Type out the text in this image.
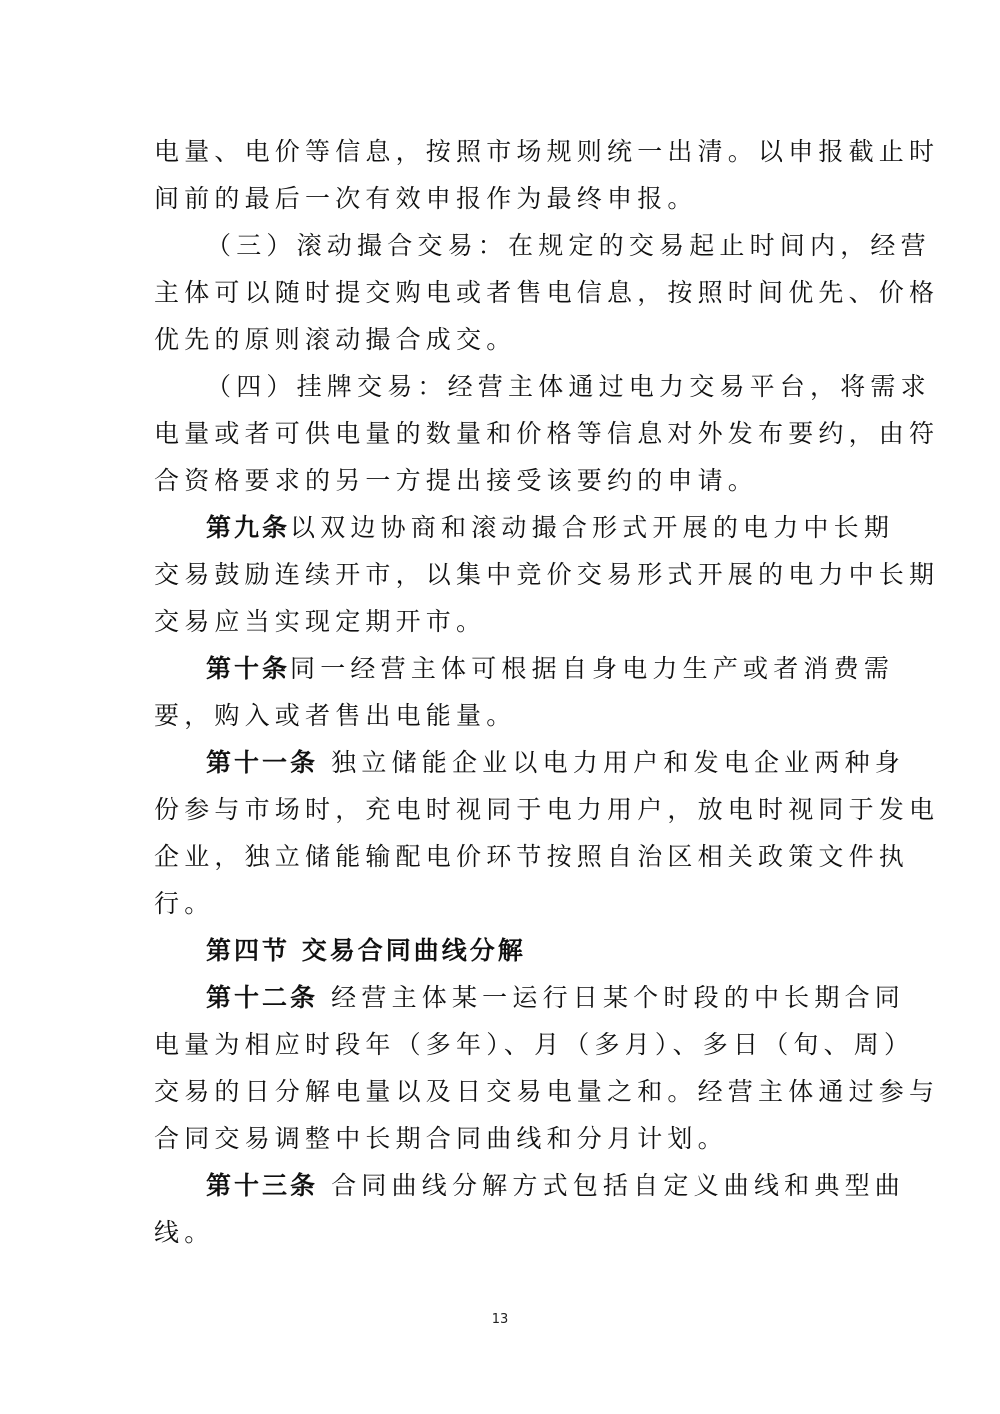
电量、电价等信息，按照市场规则统一出清。以申报截止时
间前的最后一次有效申报作为最终申报。
（三）滚动撮合交易：在规定的交易起止时间内，经营
主体可以随时提交购电或者售电信息，按照时间优先、价格
优先的原则滚动撮合成交。
（四）挂牌交易：经营主体通过电力交易平台，将需求
电量或者可供电量的数量和价格等信息对外发布要约，由符
合资格要求的另一方提出接受该要约的申请。
第九条以双边协商和滚动撮合形式开展的电力中长期
交易鼓励连续开市，以集中竞价交易形式开展的电力中长期
交易应当实现定期开市。
第十条同一经营主体可根据自身电力生产或者消费需
要，购入或者售出电能量。
第十一条 独立储能企业以电力用户和发电企业两种身
份参与市场时，充电时视同于电力用户，放电时视同于发电
企业，独立储能输配电价环节按照自治区相关政策文件执
行。
第四节 交易合同曲线分解
第十二条 经营主体某一运行日某个时段的中长期合同
电量为相应时段年（多年）、月（多月）、多日（旬、周）
交易的日分解电量以及日交易电量之和。经营主体通过参与
合同交易调整中长期合同曲线和分月计划。
第十三条 合同曲线分解方式包括自定义曲线和典型曲
线。
13
